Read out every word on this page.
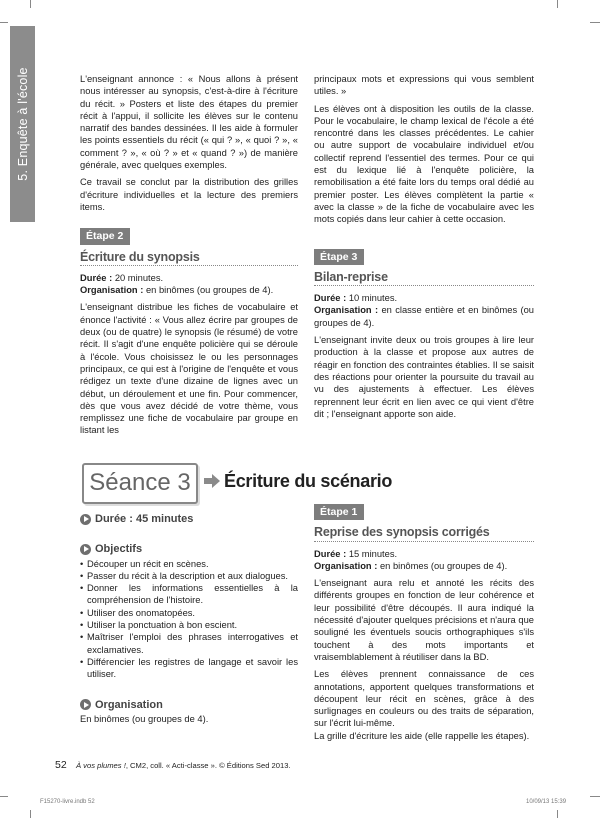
5. Enquête à l'école	L'enseignant annonce : « Nous allons à présent nous intéresser au synopsis, c'est-à-dire à l'écriture du récit. » Posters et liste des étapes du premier récit à l'appui, il sollicite les élèves sur le contenu narratif des bandes dessinées. Il les aide à formuler les points essentiels du récit (« qui ? », « quoi ? », « comment ? », « où ? » et « quand ? ») de manière générale, avec quelques exemples.

Ce travail se conclut par la distribution des grilles d'écriture individuelles et la lecture des premiers items.

Étape 2
Écriture du synopsis
Durée : 20 minutes.
Organisation : en binômes (ou groupes de 4).

L'enseignant distribue les fiches de vocabulaire et énonce l'activité : « Vous allez écrire par groupes de deux (ou de quatre) le synopsis (le résumé) de votre récit. Il s'agit d'une enquête policière qui se déroule à l'école. Vous choisissez le ou les personnages principaux, ce qui est à l'origine de l'enquête et vous rédigez un texte d'une dizaine de lignes avec un début, un déroulement et une fin. Pour commencer, dès que vous avez décidé de votre thème, vous remplissez une fiche de vocabulaire par groupe en listant les

principaux mots et expressions qui vous semblent utiles. »

Les élèves ont à disposition les outils de la classe. Pour le vocabulaire, le champ lexical de l'école a été rencontré dans les classes précédentes. Le cahier ou autre support de vocabulaire individuel et/ou collectif reprend l'essentiel des termes. Pour ce qui est du lexique lié à l'enquête policière, la remobilisation a été faite lors du temps oral dédié au premier poster. Les élèves complètent la partie « avec la classe » de la fiche de vocabulaire avec les mots copiés dans leur cahier à cette occasion.

Étape 3
Bilan-reprise
Durée : 10 minutes.
Organisation : en classe entière et en binômes (ou groupes de 4).

L'enseignant invite deux ou trois groupes à lire leur production à la classe et propose aux autres de réagir en fonction des contraintes établies. Il se saisit des réactions pour orienter la poursuite du travail au vu des ajustements à effectuer. Les élèves reprennent leur écrit en lien avec ce qui vient d'être dit ; l'enseignant apporte son aide.

Séance 3 Écriture du scénario
Durée : 45 minutes
Objectifs
• Découper un récit en scènes.
• Passer du récit à la description et aux dialogues.
• Donner les informations essentielles à la compréhension de l'histoire.
• Utiliser des onomatopées.
• Utiliser la ponctuation à bon escient.
• Maîtriser l'emploi des phrases interrogatives et exclamatives.
• Différencier les registres de langage et savoir les utiliser.
Organisation
En binômes (ou groupes de 4).
Étape 1
Reprise des synopsis corrigés
Durée : 15 minutes.
Organisation : en binômes (ou groupes de 4).

L'enseignant aura relu et annoté les récits des différents groupes en fonction de leur cohérence et leur possibilité d'être découpés. Il aura indiqué la nécessité d'ajouter quelques précisions et n'aura que souligné les éventuels soucis orthographiques s'ils touchent à des mots importants et vraisemblablement à réutiliser dans la BD.

Les élèves prennent connaissance de ces annotations, apportent quelques transformations et découpent leur récit en scènes, grâce à des surlignages en couleurs ou des traits de séparation, sur l'écrit lui-même.

La grille d'écriture les aide (elle rappelle les étapes).

52 À vos plumes !, CM2, coll. « Acti-classe ». © Éditions Sed 2013.
F15270-livre.indb 52	10/09/13 15:39
